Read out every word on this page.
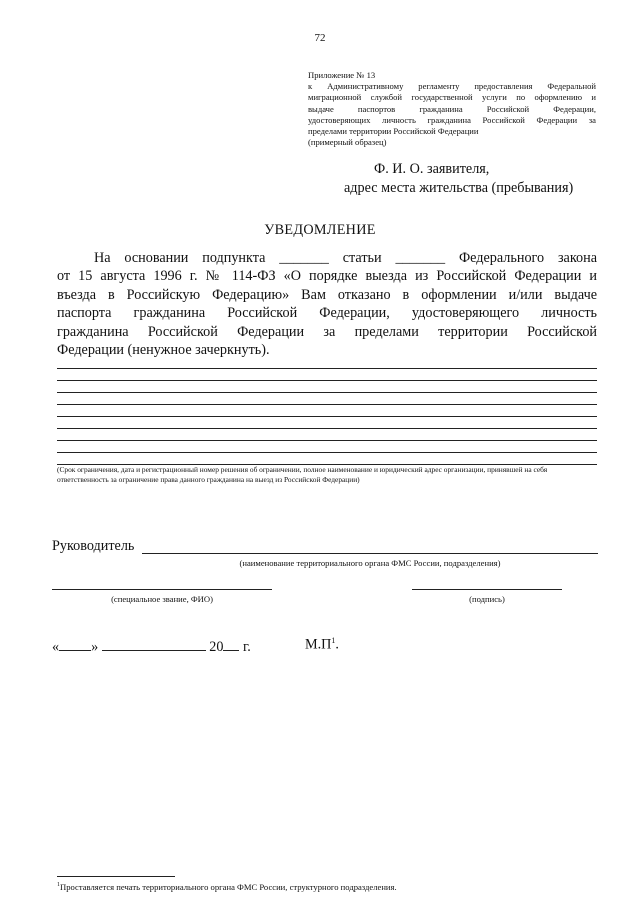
72
Приложение № 13
к Административному регламенту предоставления Федеральной
миграционной службой государственной услуги по оформлению и
выдаче паспортов гражданина Российской Федерации,
удостоверяющих личность гражданина Российской Федерации за
пределами территории Российской Федерации
(примерный образец)
Ф. И. О. заявителя,
адрес места жительства (пребывания)
УВЕДОМЛЕНИЕ
На основании подпункта _______ статьи _______ Федерального закона
от 15 августа 1996 г. № 114-ФЗ «О порядке выезда из Российской Федерации и
въезда в Российскую Федерацию» Вам отказано в оформлении и/или выдаче
паспорта гражданина Российской Федерации, удостоверяющего личность
гражданина Российской Федерации за пределами территории Российской
Федерации (ненужное зачеркнуть).
(Срок ограничения, дата и регистрационный номер решения об ограничении, полное наименование и юридический адрес организации, принявшей на себя ответственность за ограничение права данного гражданина на выезд из Российской Федерации)
Руководитель
(наименование территориального органа ФМС России, подразделения)
(специальное звание, ФИО)	(подпись)
« »	20 г.	$М.П^1$.
$^1$Проставляется печать территориального органа ФМС России, структурного подразделения.
